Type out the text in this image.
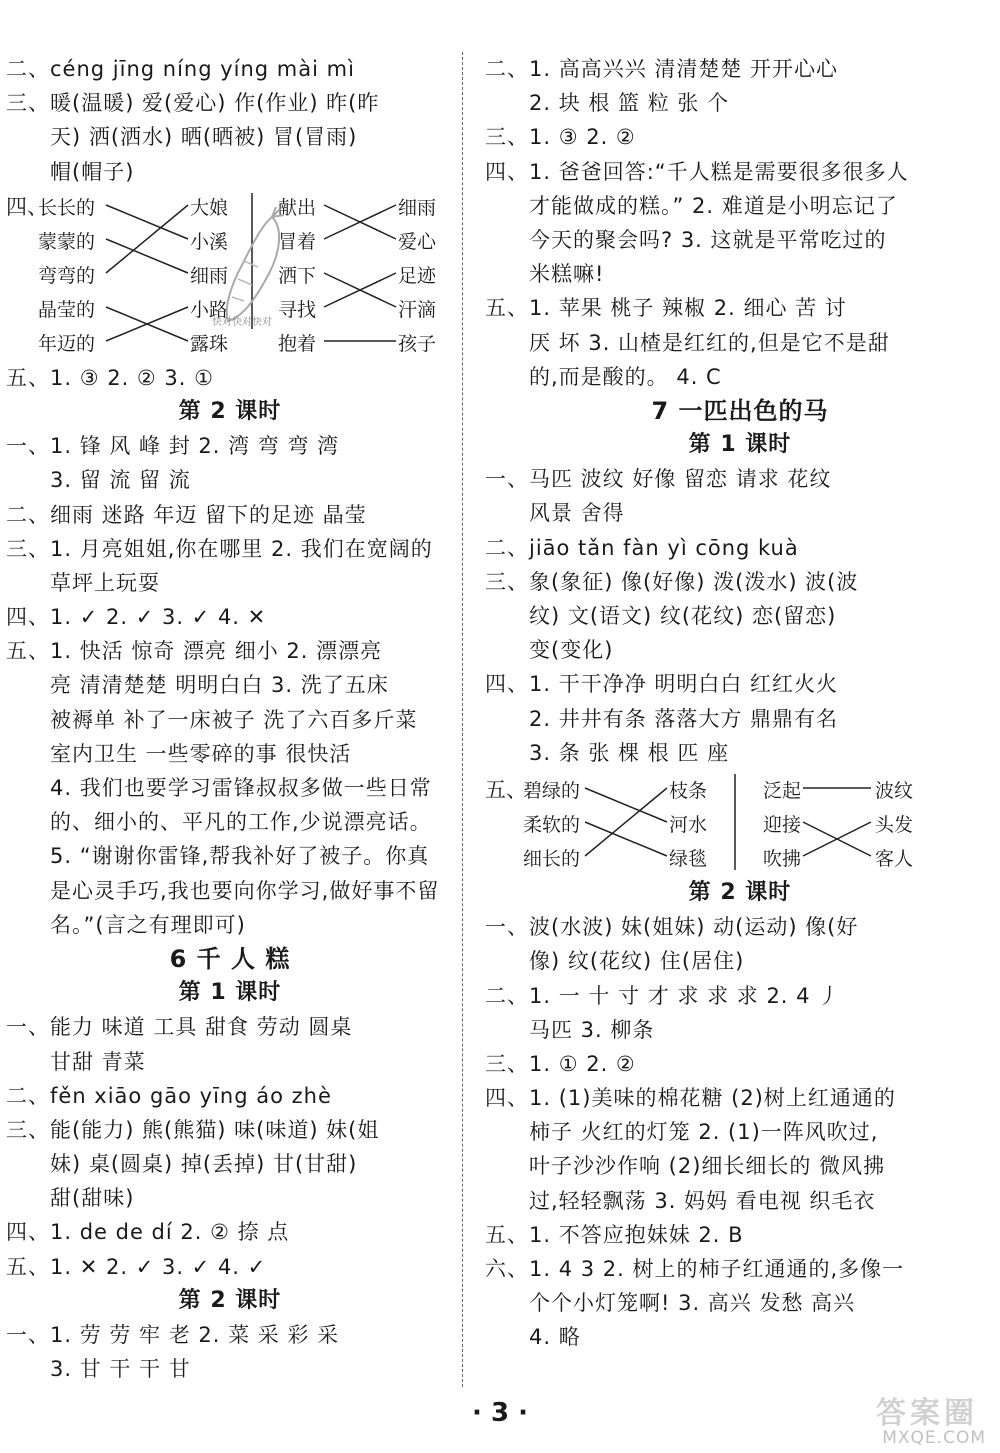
二、céng jīng níng yíng mài mì
三、暖(温暖) 爱(爱心) 作(作业) 昨(昨
天) 洒(洒水) 晒(晒被) 冒(冒雨)
帽(帽子)
四、
长长的
蒙蒙的
弯弯的
晶莹的
年迈的
大娘
小溪
细雨
小路
露珠
献出
冒着
洒下
寻找
抱着
细雨
爱心
足迹
汗滴
孩子
快对快对快对
五、1. ③ 2. ② 3. ①
第 2 课时
一、1. 锋 风 峰 封 2. 湾 弯 弯 湾
3. 留 流 留 流
二、细雨 迷路 年迈 留下的足迹 晶莹
三、1. 月亮姐姐,你在哪里 2. 我们在宽阔的
草坪上玩耍
四、1. ✓ 2. ✓ 3. ✓ 4. ✕
五、1. 快活 惊奇 漂亮 细小 2. 漂漂亮
亮 清清楚楚 明明白白 3. 洗了五床
被褥单 补了一床被子 洗了六百多斤菜
室内卫生 一些零碎的事 很快活
4. 我们也要学习雷锋叔叔多做一些日常
的、细小的、平凡的工作,少说漂亮话。
5. “谢谢你雷锋,帮我补好了被子。你真
是心灵手巧,我也要向你学习,做好事不留
名。”(言之有理即可)
6 千 人 糕
第 1 课时
一、能力 味道 工具 甜食 劳动 圆桌
甘甜 青菜
二、fěn xiāo gāo yīng áo zhè
三、能(能力) 熊(熊猫) 味(味道) 妹(姐
妹) 桌(圆桌) 掉(丢掉) 甘(甘甜)
甜(甜味)
四、1. de de dí 2. ② 捺 点
五、1. ✕ 2. ✓ 3. ✓ 4. ✓
第 2 课时
一、1. 劳 劳 牢 老 2. 菜 采 彩 采
3. 甘 干 干 甘
二、1. 高高兴兴 清清楚楚 开开心心
2. 块 根 篮 粒 张 个
三、1. ③ 2. ②
四、1. 爸爸回答:“千人糕是需要很多很多人
才能做成的糕。” 2. 难道是小明忘记了
今天的聚会吗? 3. 这就是平常吃过的
米糕嘛!
五、1. 苹果 桃子 辣椒 2. 细心 苦 讨
厌 坏 3. 山楂是红红的,但是它不是甜
的,而是酸的。 4. C
7 一匹出色的马
第 1 课时
一、马匹 波纹 好像 留恋 请求 花纹
风景 舍得
二、jiāo tǎn fàn yì cōng kuà
三、象(象征) 像(好像) 泼(泼水) 波(波
纹) 文(语文) 纹(花纹) 恋(留恋)
变(变化)
四、1. 干干净净 明明白白 红红火火
2. 井井有条 落落大方 鼎鼎有名
3. 条 张 棵 根 匹 座
五、
碧绿的
柔软的
细长的
枝条
河水
绿毯
泛起
迎接
吹拂
波纹
头发
客人
第 2 课时
一、波(水波) 妹(姐妹) 动(运动) 像(好
像) 纹(花纹) 住(居住)
二、1. 一 十 寸 才 求 求 求 2. 4 丿
马匹 3. 柳条
三、1. ① 2. ②
四、1. (1)美味的棉花糖 (2)树上红通通的
柿子 火红的灯笼 2. (1)一阵风吹过,
叶子沙沙作响 (2)细长细长的 微风拂
过,轻轻飘荡 3. 妈妈 看电视 织毛衣
五、1. 不答应抱妹妹 2. B
六、1. 4 3 2. 树上的柿子红通通的,多像一
个个小灯笼啊! 3. 高兴 发愁 高兴
4. 略
· 3 ·	答案圈
MXQE.COM
